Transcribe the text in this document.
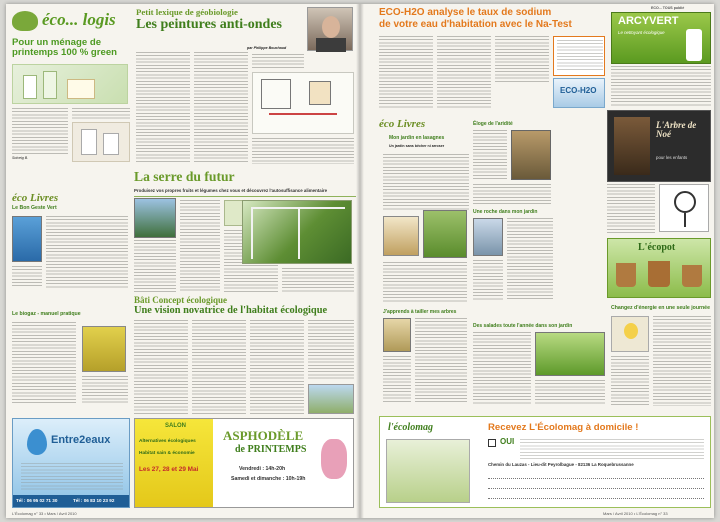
éco... logis
Pour un ménage de printemps 100 % green
Solveig B.
Petit lexique de géobiologie
Les peintures anti-ondes
par Philippe Bouchaud
La serre du futur
Produisez vos propres fruits et légumes chez vous et découvrez l'autosuffisance alimentaire
Bâti Concept écologique
Une vision novatrice de l'habitat écologique
éco Livres
Le Bon Geste Vert
Le biogaz - manuel pratique
Entre2eaux
Tél : 06 95 02 71 30	Tél : 06 83 10 23 92
SALON
Alternatives écologiques
Habitat sain & économie
Les 27, 28 et 29 Mai
ASPHODÈLE
de PRINTEMPS
Vendredi : 14h-20h
Samedi et dimanche : 10h-19h
L'Écolomag n° 33 • Mars / Avril 2010
ECO-H2O analyse le taux de sodium
de votre eau d'habitation avec le Na-Test
ECO-H2O
ECO... TOUS publié
ARCYVERT
Le nettoyant écologique
éco Livres
Mon jardin en lasagnes
Un jardin sans bêcher ni arroser
Éloge de l'aridité
Une roche dans mon jardin
L'Arbre de Noé
pour les enfants
L'écopot
J'apprends à tailler mes arbres
Des salades toute l'année dans son jardin
Changez d'énergie en une seule journée
l'écolomag	Recevez L'Écolomag à domicile !
OUI
Chemin du Lauzas - Lieu-dit Peyrolbague - 82136 La Roquebrussanne
Mars / Avril 2010 • L'Écolomag n° 33
